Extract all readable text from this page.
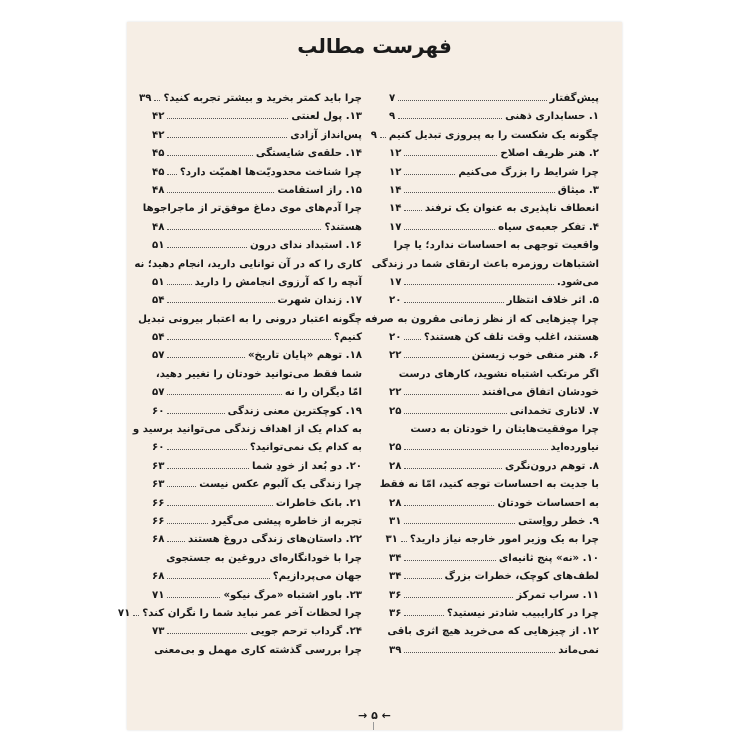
فهرست مطالب
پیش‌گفتار
۷
۱. حسابداری ذهنی
۹
چگونه یک شکست را به پیروزی تبدیل کنیم
۹
۲. هنر ظریف اصلاح
۱۲
چرا شرایط را بزرگ می‌کنیم
۱۲
۳. میثاق
۱۴
انعطاف ناپذیری به عنوان یک ترفند
۱۴
۴. تفکر جعبه‌ی سیاه
۱۷
واقعیت توجهی به احساسات ندارد؛ یا چرا
اشتباهات روزمره باعث ارتقای شما در زندگی
می‌شود.
۱۷
۵. اثر خلاف انتظار
۲۰
چرا چیزهایی که از نظر زمانی مقرون به صرفه
هستند، اغلب وقت تلف کن هستند؟
۲۰
۶. هنر منفی خوب زیستن
۲۲
اگر مرتکب اشتباه نشوید، کارهای درست
خودشان اتفاق می‌افتند
۲۲
۷. لاتاری تخمدانی
۲۵
چرا موفقیت‌هایتان را خودتان به دست
نیاورده‌اید
۲۵
۸. توهم درون‌نگری
۲۸
با جدیت به احساسات توجه کنید، امّا نه فقط
به احساسات خودتان
۲۸
۹. خطر رواِستی
۳۱
چرا به یک وزیر امور خارجه نیاز دارید؟
۳۱
۱۰. «نه» پنج ثانیه‌ای
۳۴
لطف‌های کوچک، خطرات بزرگ
۳۴
۱۱. سراب تمرکز
۳۶
چرا در کارایبیب شادتر نیستید؟
۳۶
۱۲. از چیزهایی که می‌خرید هیچ اثری باقی
نمی‌ماند
۳۹
چرا باید کمتر بخرید و بیشتر تجربه کنید؟
۳۹
۱۳. پول لعنتی
۴۲
پس‌انداز آزادی
۴۲
۱۴. حلقه‌ی شایستگی
۴۵
چرا شناخت محدودیّت‌ها اهمیّت دارد؟
۴۵
۱۵. راز استقامت
۴۸
چرا آدم‌های موی دماغ موفق‌تر از ماجراجوها
هستند؟
۴۸
۱۶. استبداد ندای درون
۵۱
کاری را که در آن توانایی دارید، انجام دهید؛ نه
آنچه را که آرزوی انجامش را دارید
۵۱
۱۷. زندان شهرت
۵۴
چگونه اعتبار درونی را به اعتبار بیرونی تبدیل
کنیم؟
۵۴
۱۸. توهم «پایان تاریخ»
۵۷
شما فقط می‌توانید خودتان را تغییر دهید،
امّا دیگران را نه
۵۷
۱۹. کوچکترین معنی زندگی
۶۰
به کدام یک از اهداف زندگی می‌توانید برسید و
به کدام یک نمی‌توانید؟
۶۰
۲۰. دو بُعد از خودِ شما
۶۳
چرا زندگی یک آلبوم عکس نیست
۶۳
۲۱. بانک خاطرات
۶۶
تجربه از خاطره پیشی می‌گیرد
۶۶
۲۲. داستان‌های زندگی دروغ هستند
۶۸
چرا با خودانگاره‌ای دروغین به جستجوی
جهان می‌پردازیم؟
۶۸
۲۳. باور اشتباه «مرگ نیکو»
۷۱
چرا لحظات آخر عمر نباید شما را نگران کند؟
۷۱
۲۴. گرداب ترحم جویی
۷۳
چرا بررسی گذشته کاری مهمل و بی‌معنی
→ ۵ ←
